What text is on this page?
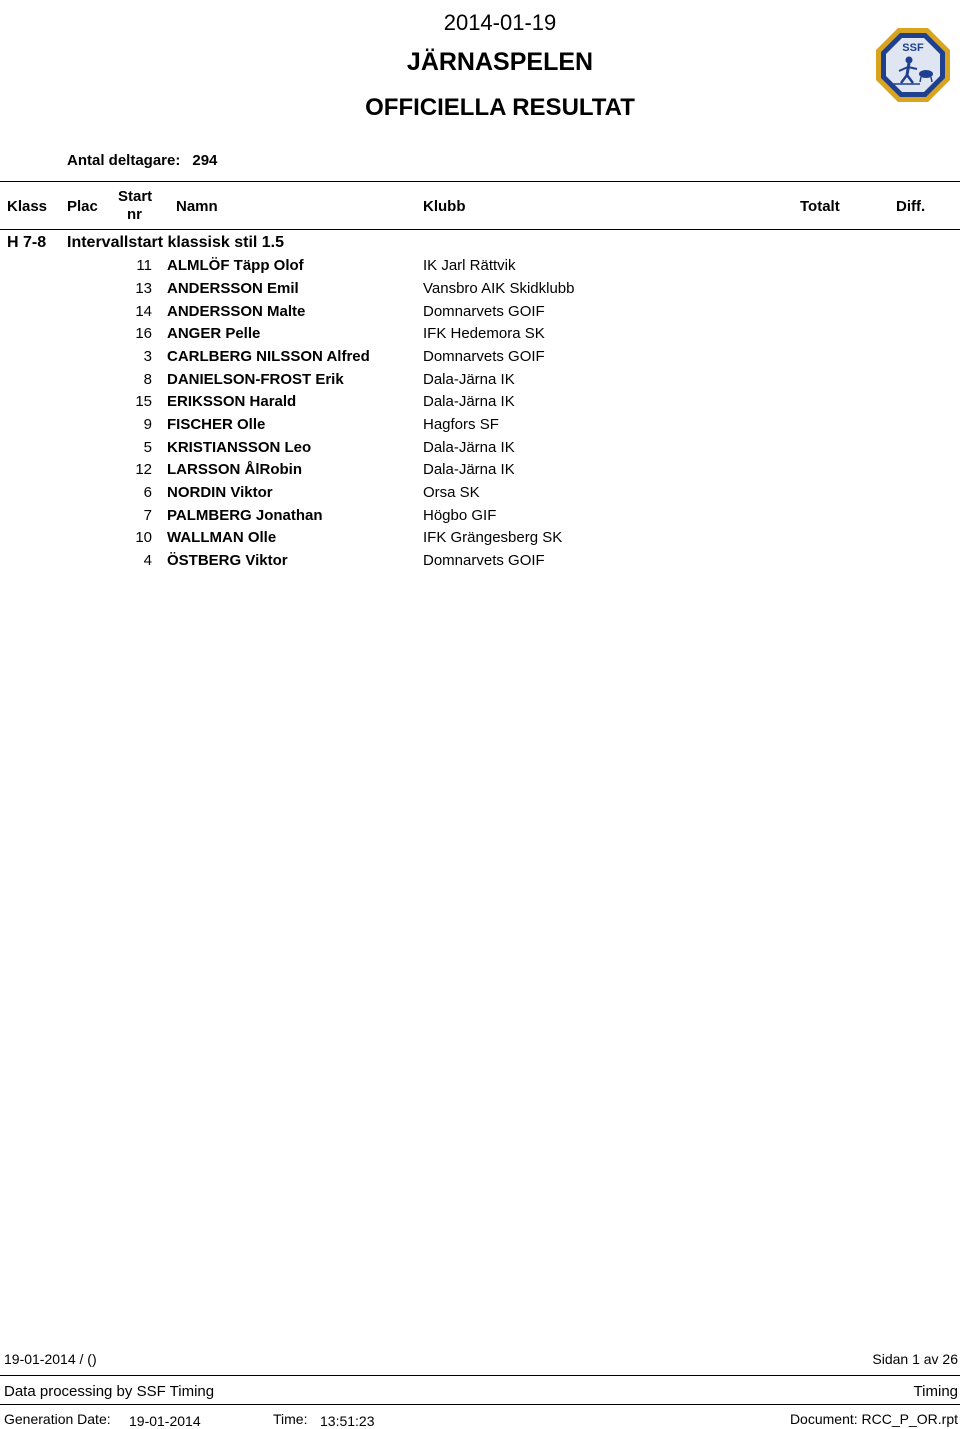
2014-01-19
JÄRNASPELEN
OFFICIELLA RESULTAT
SSF
Antal deltagare: 294
Klass Plac
Start
nr	Namn	Klubb	Totalt	Diff.
H 7-8 Intervallstart klassisk stil 1.5
11 ALMLÖF Täpp Olof	IK Jarl Rättvik
13 ANDERSSON Emil	Vansbro AIK Skidklubb
14 ANDERSSON Malte	Domnarvets GOIF
16 ANGER Pelle	IFK Hedemora SK
3 CARLBERG NILSSON Alfred	Domnarvets GOIF
8 DANIELSON-FROST Erik	Dala-Järna IK
15 ERIKSSON Harald	Dala-Järna IK
9 FISCHER Olle	Hagfors SF
5 KRISTIANSSON Leo	Dala-Järna IK
12 LARSSON ÅlRobin	Dala-Järna IK
6 NORDIN Viktor	Orsa SK
7 PALMBERG Jonathan	Högbo GIF
10 WALLMAN Olle	IFK Grängesberg SK
4 ÖSTBERG Viktor	Domnarvets GOIF
19-01-2014 / ()	Sidan 1 av 26
Data processing by SSF Timing	Timing
Generation Date: 19-01-2014	Time: 13:51:23	Document: RCC_P_OR.rpt
